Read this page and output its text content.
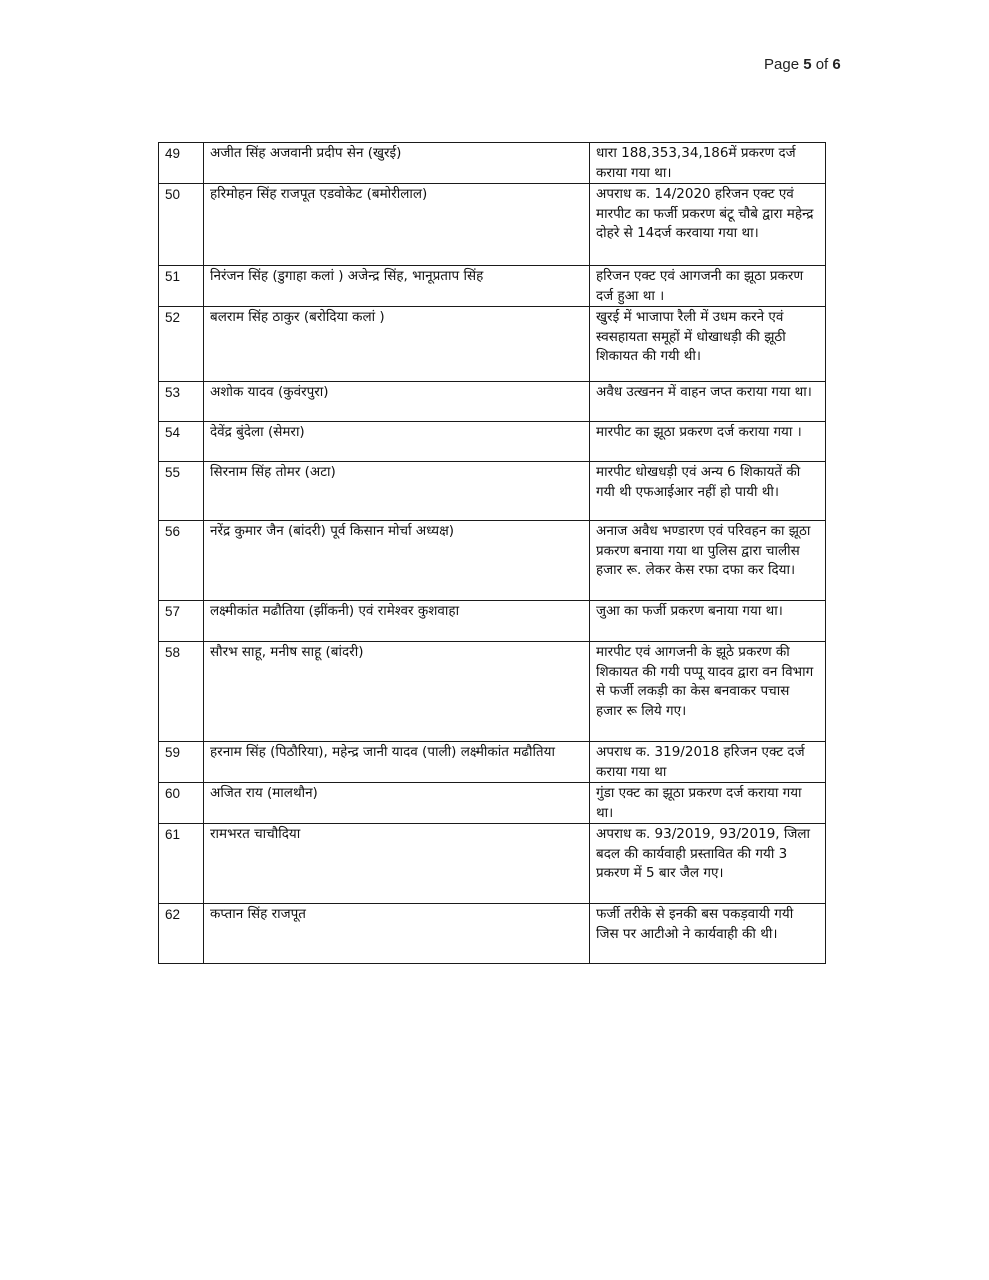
Page 5 of 6
49	अजीत सिंह अजवानी प्रदीप सेन (खुरई)	धारा 188,353,34,186में प्रकरण दर्ज कराया गया था।
50	हरिमोहन सिंह राजपूत एडवोकेट (बमोरीलाल)	अपराध क. 14/2020 हरिजन एक्ट एवं मारपीट का फर्जी प्रकरण बंटू चौबे द्वारा महेन्द्र दोहरे से 14दर्ज करवाया गया था।
51	निरंजन सिंह (डुगाहा कलां ) अजेन्द्र सिंह, भानूप्रताप सिंह	हरिजन एक्ट एवं आगजनी का झूठा प्रकरण दर्ज हुआ था ।
52	बलराम सिंह ठाकुर (बरोदिया कलां )	खुरई में भाजापा रैली में उधम करने एवं स्वसहायता समूहों में धोखाधड़ी की झूठी शिकायत की गयी थी।
53	अशोक यादव (कुवंरपुरा)	अवैध उत्खनन में वाहन जप्त कराया गया था।
54	देवेंद्र बुंदेला (सेमरा)	मारपीट का झूठा प्रकरण दर्ज कराया गया ।
55	सिरनाम सिंह तोमर (अटा)	मारपीट धोखधड़ी एवं अन्य 6 शिकायतें की गयी थी एफआईआर नहीं हो पायी थी।
56	नरेंद्र कुमार जैन (बांदरी) पूर्व किसान मोर्चा अध्यक्ष)	अनाज अवैध भण्डारण एवं परिवहन का झूठा प्रकरण बनाया गया था पुलिस द्वारा चालीस हजार रू. लेकर केस रफा दफा कर दिया।
57	लक्ष्मीकांत मढौतिया (झींकनी) एवं रामेश्वर कुशवाहा	जुआ का फर्जी प्रकरण बनाया गया था।
58	सौरभ साहू, मनीष साहू (बांदरी)	मारपीट एवं आगजनी के झूठे प्रकरण की शिकायत की गयी पप्पू यादव द्वारा वन विभाग से फर्जी लकड़ी का केस बनवाकर पचास हजार रू लिये गए।
59	हरनाम सिंह (पिठौरिया), महेन्द्र जानी यादव (पाली) लक्ष्मीकांत मढौतिया	अपराध क. 319/2018 हरिजन एक्ट दर्ज कराया गया था
60	अजित राय (मालथौन)	गुंडा एक्ट का झूठा प्रकरण दर्ज कराया गया था।
61	रामभरत चाचौदिया	अपराध क. 93/2019, 93/2019, जिला बदल की कार्यवाही प्रस्तावित की गयी 3 प्रकरण में 5 बार जैल गए।
62	कप्तान सिंह राजपूत	फर्जी तरीके से इनकी बस पकड़वायी गयी जिस पर आटीओ ने कार्यवाही की थी।
